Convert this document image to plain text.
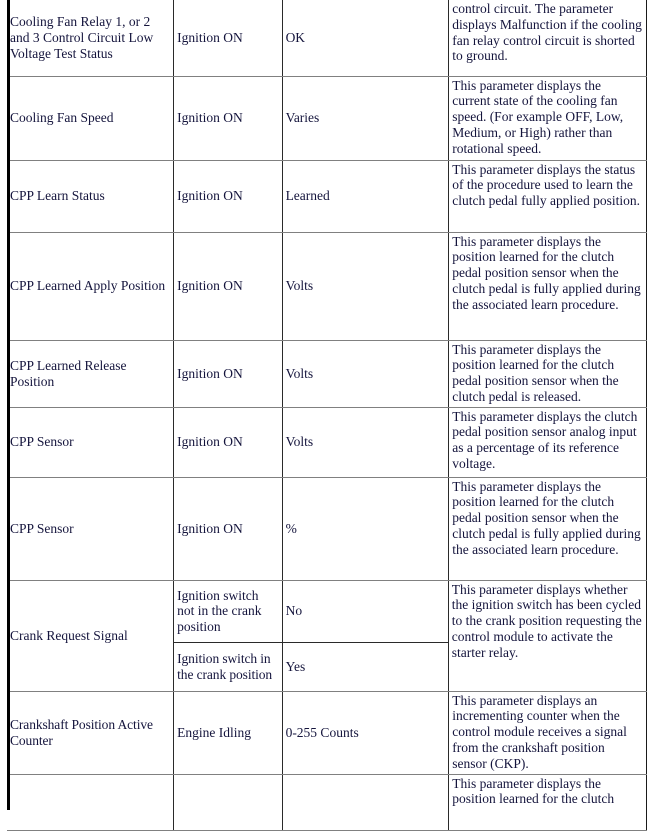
Cooling Fan Relay 1, or 2 and 3 Control Circuit Low Voltage Test Status	Ignition ON	OK	control circuit. The parameter displays Malfunction if the cooling fan relay control circuit is shorted to ground.
Cooling Fan Speed	Ignition ON	Varies	This parameter displays the current state of the cooling fan speed. (For example OFF, Low, Medium, or High) rather than rotational speed.
CPP Learn Status	Ignition ON	Learned	This parameter displays the status of the procedure used to learn the clutch pedal fully applied position.
CPP Learned Apply Position	Ignition ON	Volts	This parameter displays the position learned for the clutch pedal position sensor when the clutch pedal is fully applied during the associated learn procedure.
CPP Learned Release Position	Ignition ON	Volts	This parameter displays the position learned for the clutch pedal position sensor when the clutch pedal is released.
CPP Sensor	Ignition ON	Volts	This parameter displays the clutch pedal position sensor analog input as a percentage of its reference voltage.
CPP Sensor	Ignition ON	%	This parameter displays the position learned for the clutch pedal position sensor when the clutch pedal is fully applied during the associated learn procedure.
Crank Request Signal	
Ignition switch not in the crank position	No
Ignition switch in the crank position	Yes
	This parameter displays whether the ignition switch has been cycled to the crank position requesting the control module to activate the starter relay.
Crankshaft Position Active Counter	Engine Idling	0-255 Counts	This parameter displays an incrementing counter when the control module receives a signal from the crankshaft position sensor (CKP).
			This parameter displays the position learned for the clutch
